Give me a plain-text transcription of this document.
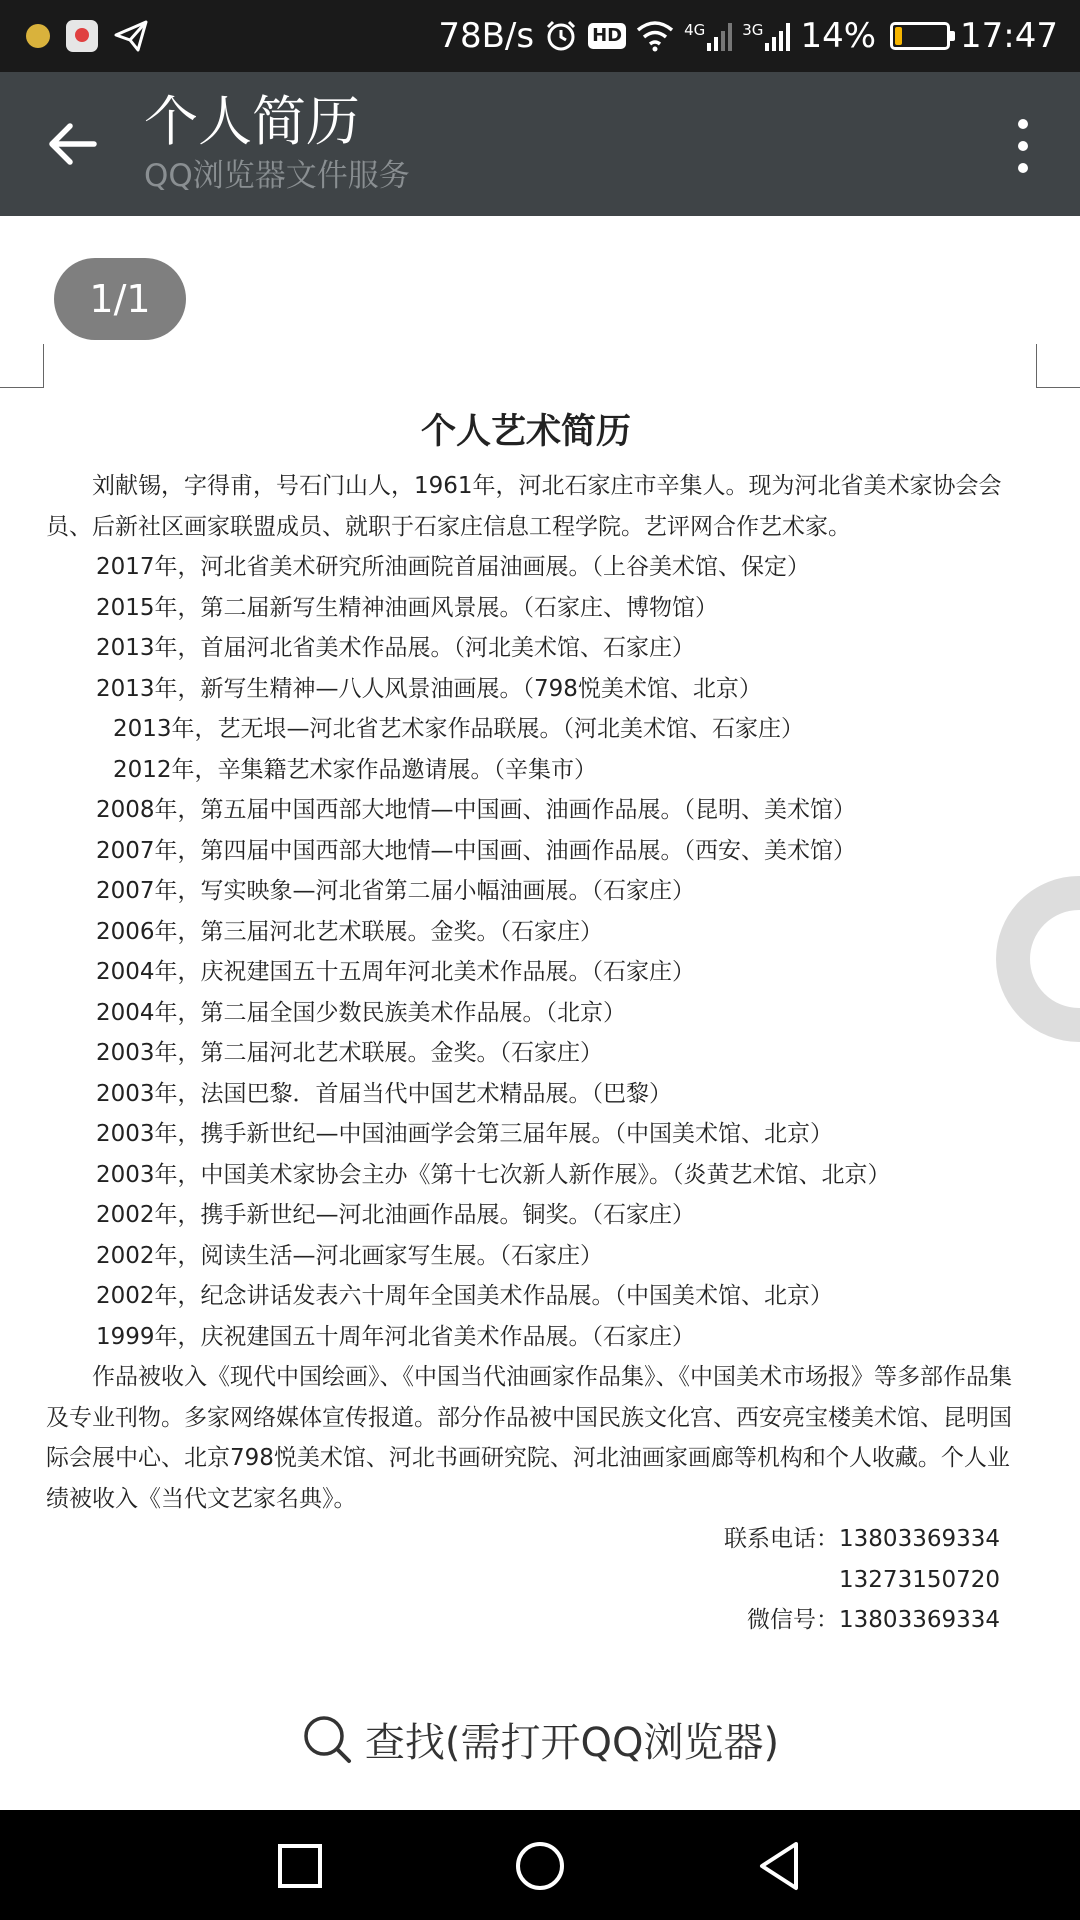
78B/s	HD	4G 3G 14% 17:47
个人简历
QQ浏览器文件服务
1/1
个人艺术简历
刘献锡，字得甫，号石门山人，1961年，河北石家庄市辛集人。现为河北省美术家协会会员、后新社区画家联盟成员、就职于石家庄信息工程学院。艺评网合作艺术家。
2017年，河北省美术研究所油画院首届油画展。（上谷美术馆、保定）
2015年，第二届新写生精神油画风景展。（石家庄、博物馆）
2013年，首届河北省美术作品展。（河北美术馆、石家庄）
2013年，新写生精神—八人风景油画展。（798悦美术馆、北京）
2013年，艺无垠—河北省艺术家作品联展。（河北美术馆、石家庄）
2012年，辛集籍艺术家作品邀请展。（辛集市）
2008年，第五届中国西部大地情—中国画、油画作品展。（昆明、美术馆）
2007年，第四届中国西部大地情—中国画、油画作品展。（西安、美术馆）
2007年，写实映象—河北省第二届小幅油画展。（石家庄）
2006年，第三届河北艺术联展。金奖。（石家庄）
2004年，庆祝建国五十五周年河北美术作品展。（石家庄）
2004年，第二届全国少数民族美术作品展。（北京）
2003年，第二届河北艺术联展。金奖。（石家庄）
2003年，法国巴黎．首届当代中国艺术精品展。（巴黎）
2003年，携手新世纪—中国油画学会第三届年展。（中国美术馆、北京）
2003年，中国美术家协会主办《第十七次新人新作展》。（炎黄艺术馆、北京）
2002年，携手新世纪—河北油画作品展。铜奖。（石家庄）
2002年，阅读生活—河北画家写生展。（石家庄）
2002年，纪念讲话发表六十周年全国美术作品展。（中国美术馆、北京）
1999年，庆祝建国五十周年河北省美术作品展。（石家庄）
作品被收入《现代中国绘画》、《中国当代油画家作品集》、《中国美术市场报》等多部作品集及专业刊物。多家网络媒体宣传报道。部分作品被中国民族文化宫、西安亮宝楼美术馆、昆明国际会展中心、北京798悦美术馆、河北书画研究院、河北油画家画廊等机构和个人收藏。个人业绩被收入《当代文艺家名典》。
联系电话：13803369334
13273150720
微信号：13803369334
查找(需打开QQ浏览器)
